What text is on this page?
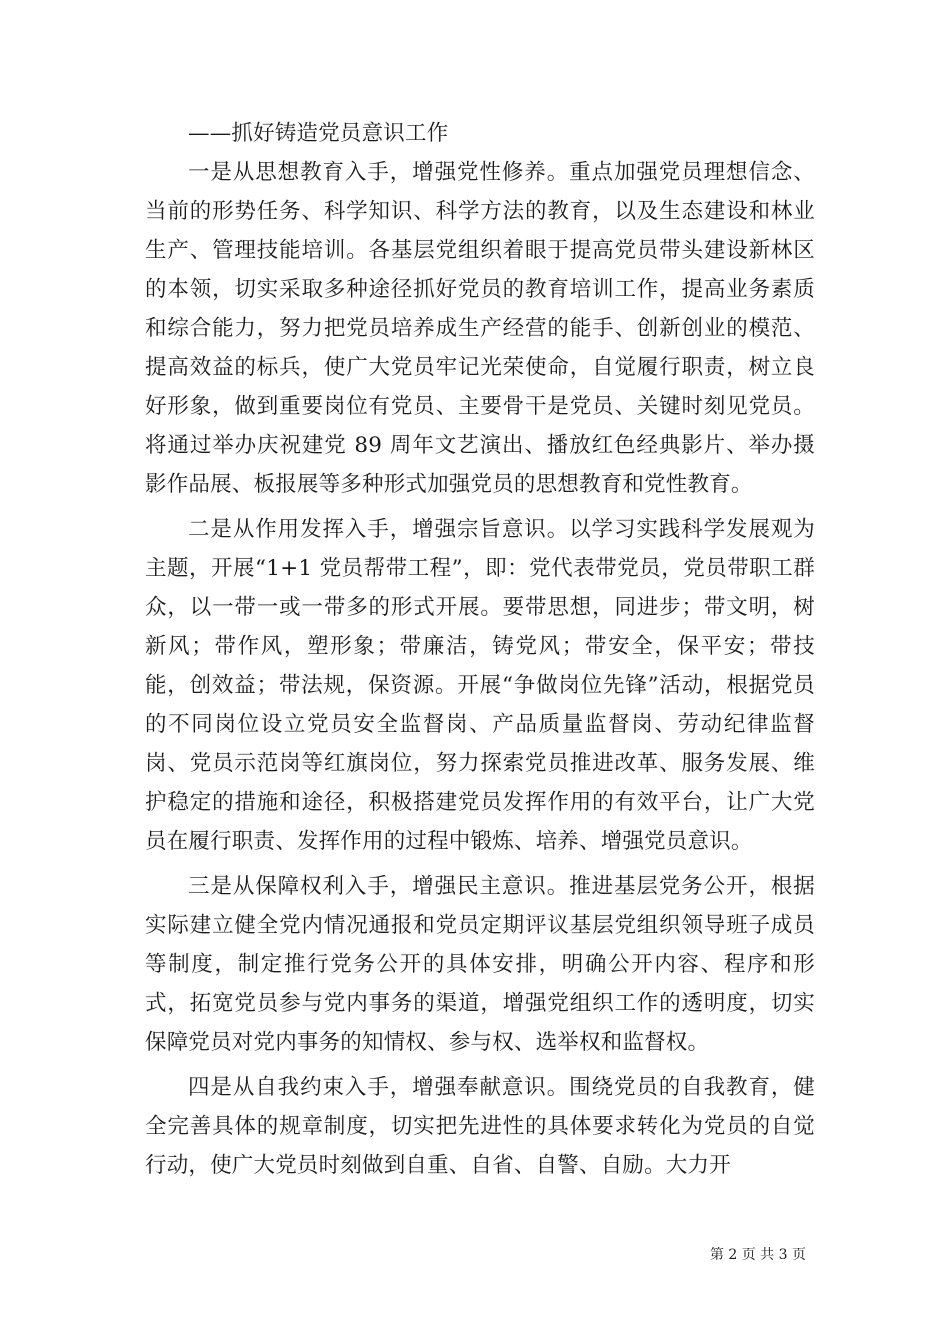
——抓好铸造党员意识工作

一是从思想教育入手，增强党性修养。重点加强党员理想信念、当前的形势任务、科学知识、科学方法的教育，以及生态建设和林业生产、管理技能培训。各基层党组织着眼于提高党员带头建设新林区的本领，切实采取多种途径抓好党员的教育培训工作，提高业务素质和综合能力，努力把党员培养成生产经营的能手、创新创业的模范、提高效益的标兵，使广大党员牢记光荣使命，自觉履行职责，树立良好形象，做到重要岗位有党员、主要骨干是党员、关键时刻见党员。将通过举办庆祝建党 89 周年文艺演出、播放红色经典影片、举办摄影作品展、板报展等多种形式加强党员的思想教育和党性教育。

二是从作用发挥入手，增强宗旨意识。以学习实践科学发展观为主题，开展“1+1 党员帮带工程”，即：党代表带党员，党员带职工群众，以一带一或一带多的形式开展。要带思想，同进步；带文明，树新风；带作风，塑形象；带廉洁，铸党风；带安全，保平安；带技能，创效益；带法规，保资源。开展“争做岗位先锋”活动，根据党员的不同岗位设立党员安全监督岗、产品质量监督岗、劳动纪律监督岗、党员示范岗等红旗岗位，努力探索党员推进改革、服务发展、维护稳定的措施和途径，积极搭建党员发挥作用的有效平台，让广大党员在履行职责、发挥作用的过程中锻炼、培养、增强党员意识。

三是从保障权利入手，增强民主意识。推进基层党务公开，根据实际建立健全党内情况通报和党员定期评议基层党组织领导班子成员等制度，制定推行党务公开的具体安排，明确公开内容、程序和形式，拓宽党员参与党内事务的渠道，增强党组织工作的透明度，切实保障党员对党内事务的知情权、参与权、选举权和监督权。

四是从自我约束入手，增强奉献意识。围绕党员的自我教育，健全完善具体的规章制度，切实把先进性的具体要求转化为党员的自觉行动，使广大党员时刻做到自重、自省、自警、自励。大力开

第 2 页 共 3 页
